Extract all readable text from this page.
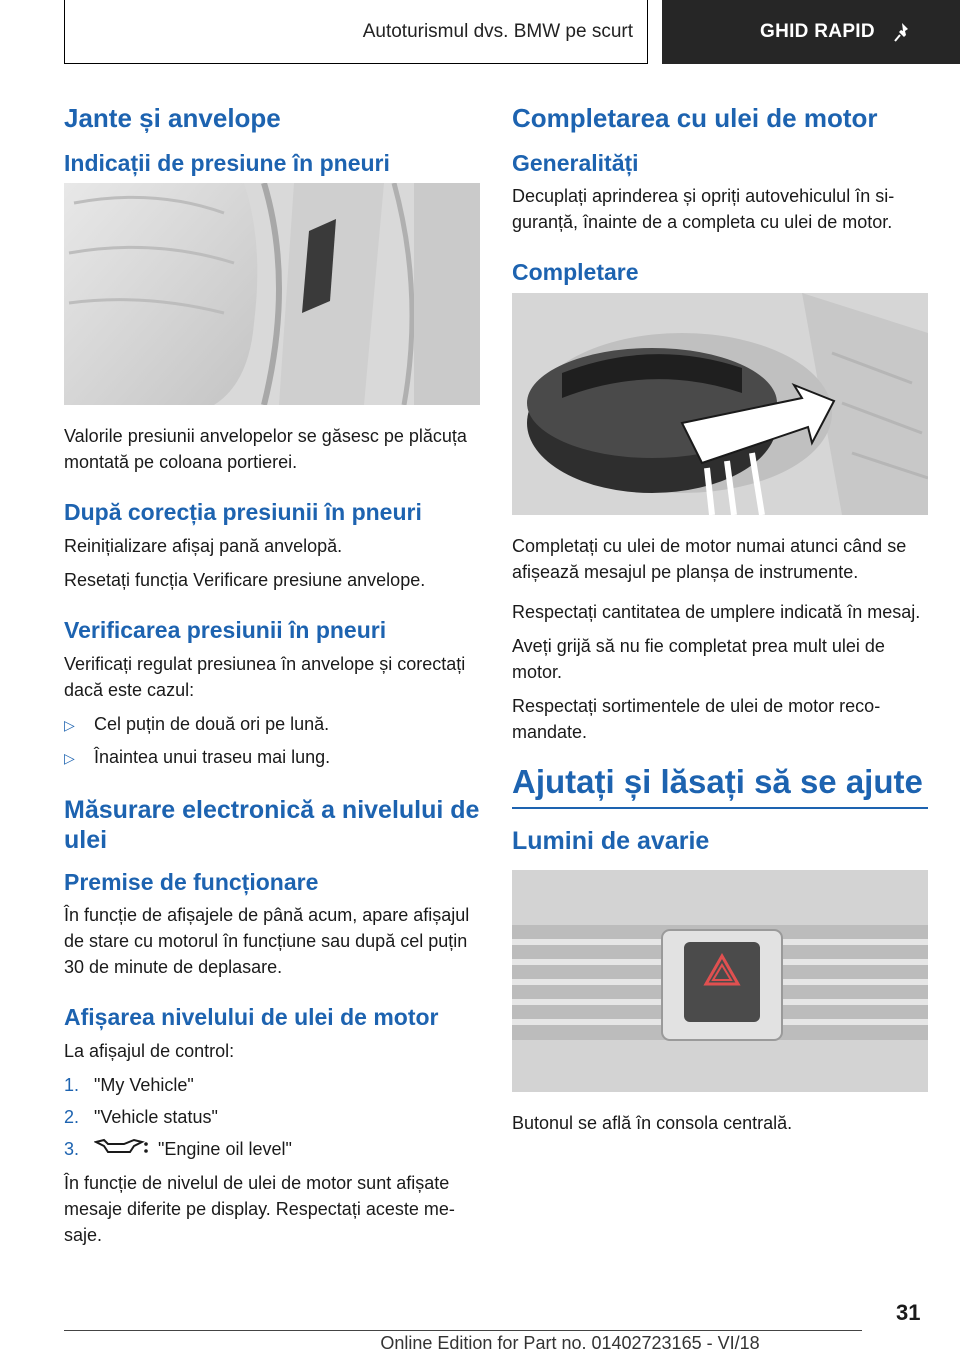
Autoturismul dvs. BMW pe scurt	GHID RAPID
Jante și anvelope
Indicații de presiune în pneuri

Valorile presiunii anvelopelor se găsesc pe plăcuța montată pe coloana portierei.

După corecția presiunii în pneuri

Reinițializare afișaj pană anvelopă.

Resetați funcția Verificare presiune anvelope.

Verificarea presiunii în pneuri

Verificați regulat presiunea în anvelope și corectați dacă este cazul:

▷	Cel puțin de două ori pe lună.
▷	Înaintea unui traseu mai lung.
Măsurare electronică a nivelului de ulei
Premise de funcționare

În funcție de afișajele de până acum, apare afișajul de stare cu motorul în funcțiune sau după cel puțin 30 de minute de deplasare.

Afișarea nivelului de ulei de motor

La afișajul de control:

1. "My Vehicle"
2. "Vehicle status"
3.	"Engine oil level"

În funcție de nivelul de ulei de motor sunt afișate mesaje diferite pe display. Respectați aceste mesaje.

Completarea cu ulei de motor
Generalități

Decuplați aprinderea și opriți autovehiculul în siguranță, înainte de a completa cu ulei de motor.

Completare

Completați cu ulei de motor numai atunci când se afișează mesajul pe planșa de instrumente.

Respectați cantitatea de umplere indicată în mesaj.

Aveți grijă să nu fie completat prea mult ulei de motor.

Respectați sortimentele de ulei de motor recomandate.

Ajutați și lăsați să se ajute
Lumini de avarie

Butonul se află în consola centrală.

31
Online Edition for Part no. 01402723165 - VI/18
